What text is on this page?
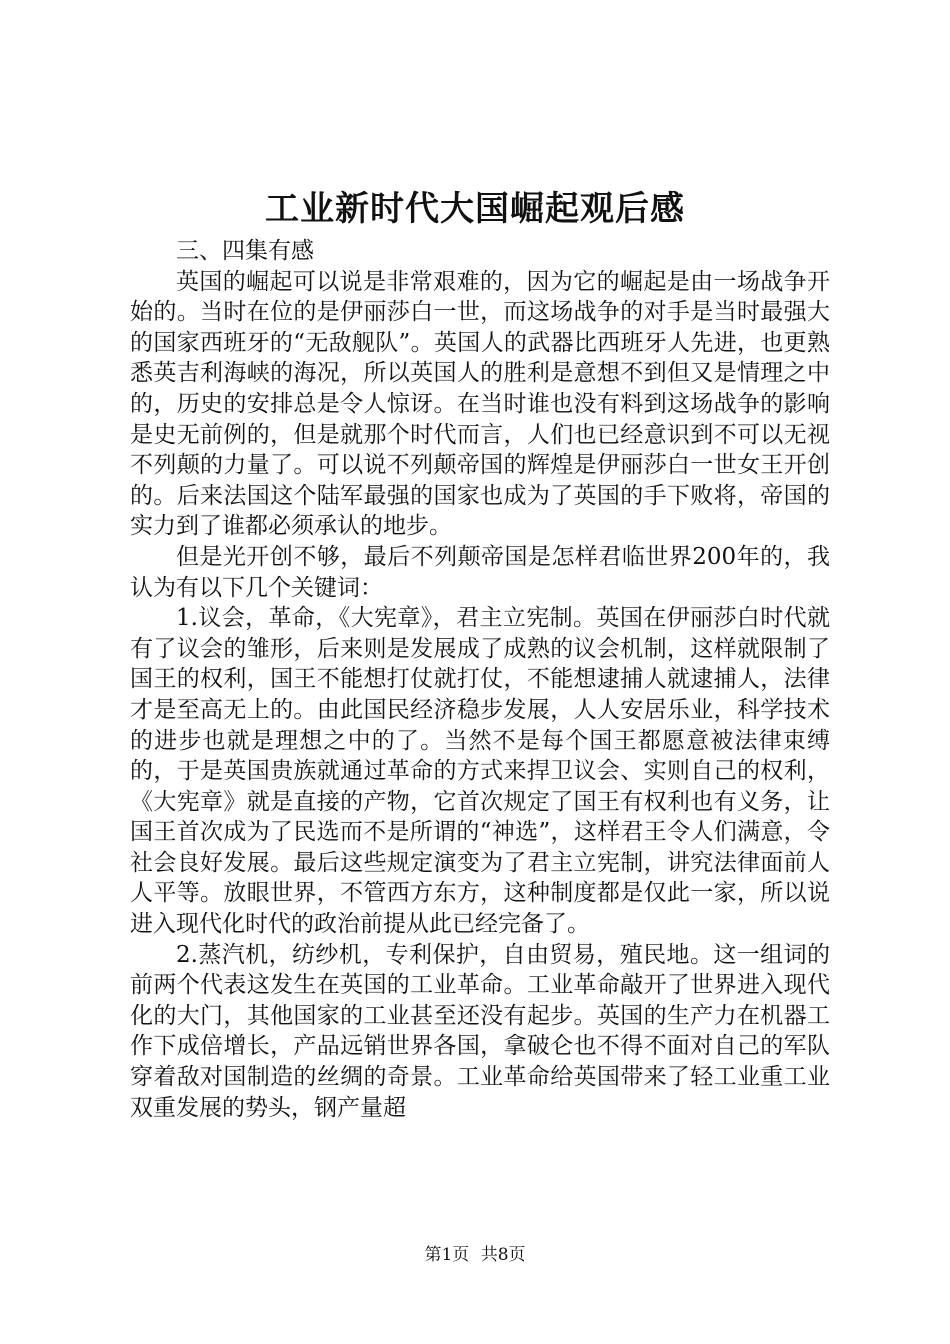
工业新时代大国崛起观后感

三、四集有感

英国的崛起可以说是非常艰难的，因为它的崛起是由一场战争开始的。当时在位的是伊丽莎白一世，而这场战争的对手是当时最强大的国家西班牙的“无敌舰队”。英国人的武器比西班牙人先进，也更熟悉英吉利海峡的海况，所以英国人的胜利是意想不到但又是情理之中的，历史的安排总是令人惊讶。在当时谁也没有料到这场战争的影响是史无前例的，但是就那个时代而言，人们也已经意识到不可以无视不列颠的力量了。可以说不列颠帝国的辉煌是伊丽莎白一世女王开创的。后来法国这个陆军最强的国家也成为了英国的手下败将，帝国的实力到了谁都必须承认的地步。

但是光开创不够，最后不列颠帝国是怎样君临世界200年的，我认为有以下几个关键词：

1.议会，革命，《大宪章》，君主立宪制。英国在伊丽莎白时代就有了议会的雏形，后来则是发展成了成熟的议会机制，这样就限制了国王的权利，国王不能想打仗就打仗，不能想逮捕人就逮捕人，法律才是至高无上的。由此国民经济稳步发展，人人安居乐业，科学技术的进步也就是理想之中的了。当然不是每个国王都愿意被法律束缚的，于是英国贵族就通过革命的方式来捍卫议会、实则自己的权利，《大宪章》就是直接的产物，它首次规定了国王有权利也有义务，让国王首次成为了民选而不是所谓的“神选”，这样君王令人们满意，令社会良好发展。最后这些规定演变为了君主立宪制，讲究法律面前人人平等。放眼世界，不管西方东方，这种制度都是仅此一家，所以说进入现代化时代的政治前提从此已经完备了。

2.蒸汽机，纺纱机，专利保护，自由贸易，殖民地。这一组词的前两个代表这发生在英国的工业革命。工业革命敲开了世界进入现代化的大门，其他国家的工业甚至还没有起步。英国的生产力在机器工作下成倍增长，产品远销世界各国，拿破仑也不得不面对自己的军队穿着敌对国制造的丝绸的奇景。工业革命给英国带来了轻工业重工业双重发展的势头，钢产量超

第1页 共8页
